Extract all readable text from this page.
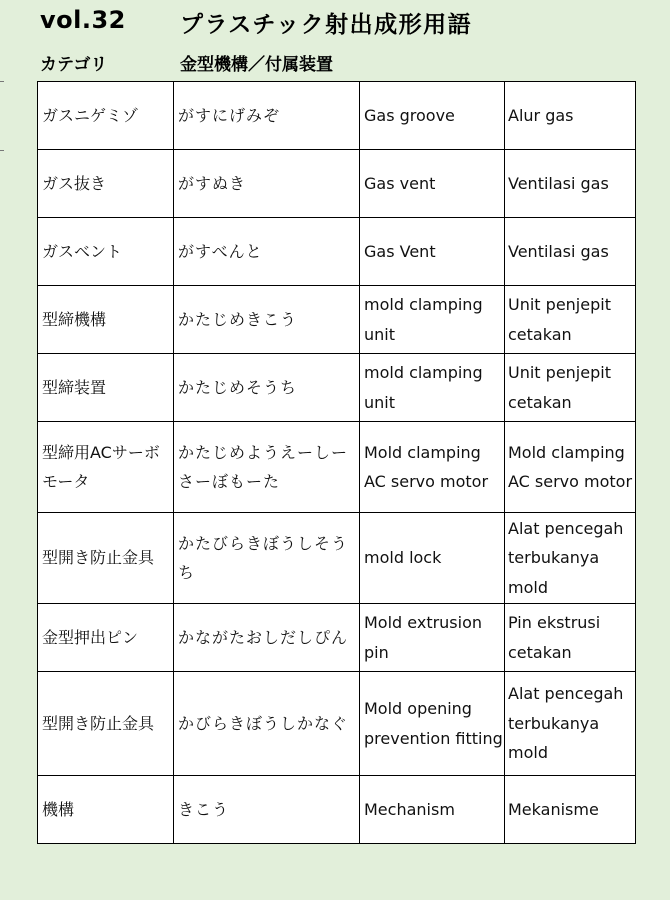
vol.32 プラスチック射出成形用語
カテゴリ	金型機構／付属装置
ガスニゲミゾ	がすにげみぞ	Gas groove	Alur gas
ガス抜き	がすぬき	Gas vent	Ventilasi gas
ガスベント	がすべんと	Gas Vent	Ventilasi gas
型締機構	かたじめきこう	mold clamping unit	Unit penjepit cetakan
型締装置	かたじめそうち	mold clamping unit	Unit penjepit cetakan
型締用ACサーボモータ	かたじめようえーしーさーぼもーた	Mold clamping AC servo motor	Mold clamping AC servo motor
型開き防止金具	かたびらきぼうしそうち	mold lock	Alat pencegah terbukanya mold
金型押出ピン	かながたおしだしぴん	Mold extrusion pin	Pin ekstrusi cetakan
型開き防止金具	かびらきぼうしかなぐ	Mold opening prevention fitting	Alat pencegah terbukanya mold
機構	きこう	Mechanism	Mekanisme
